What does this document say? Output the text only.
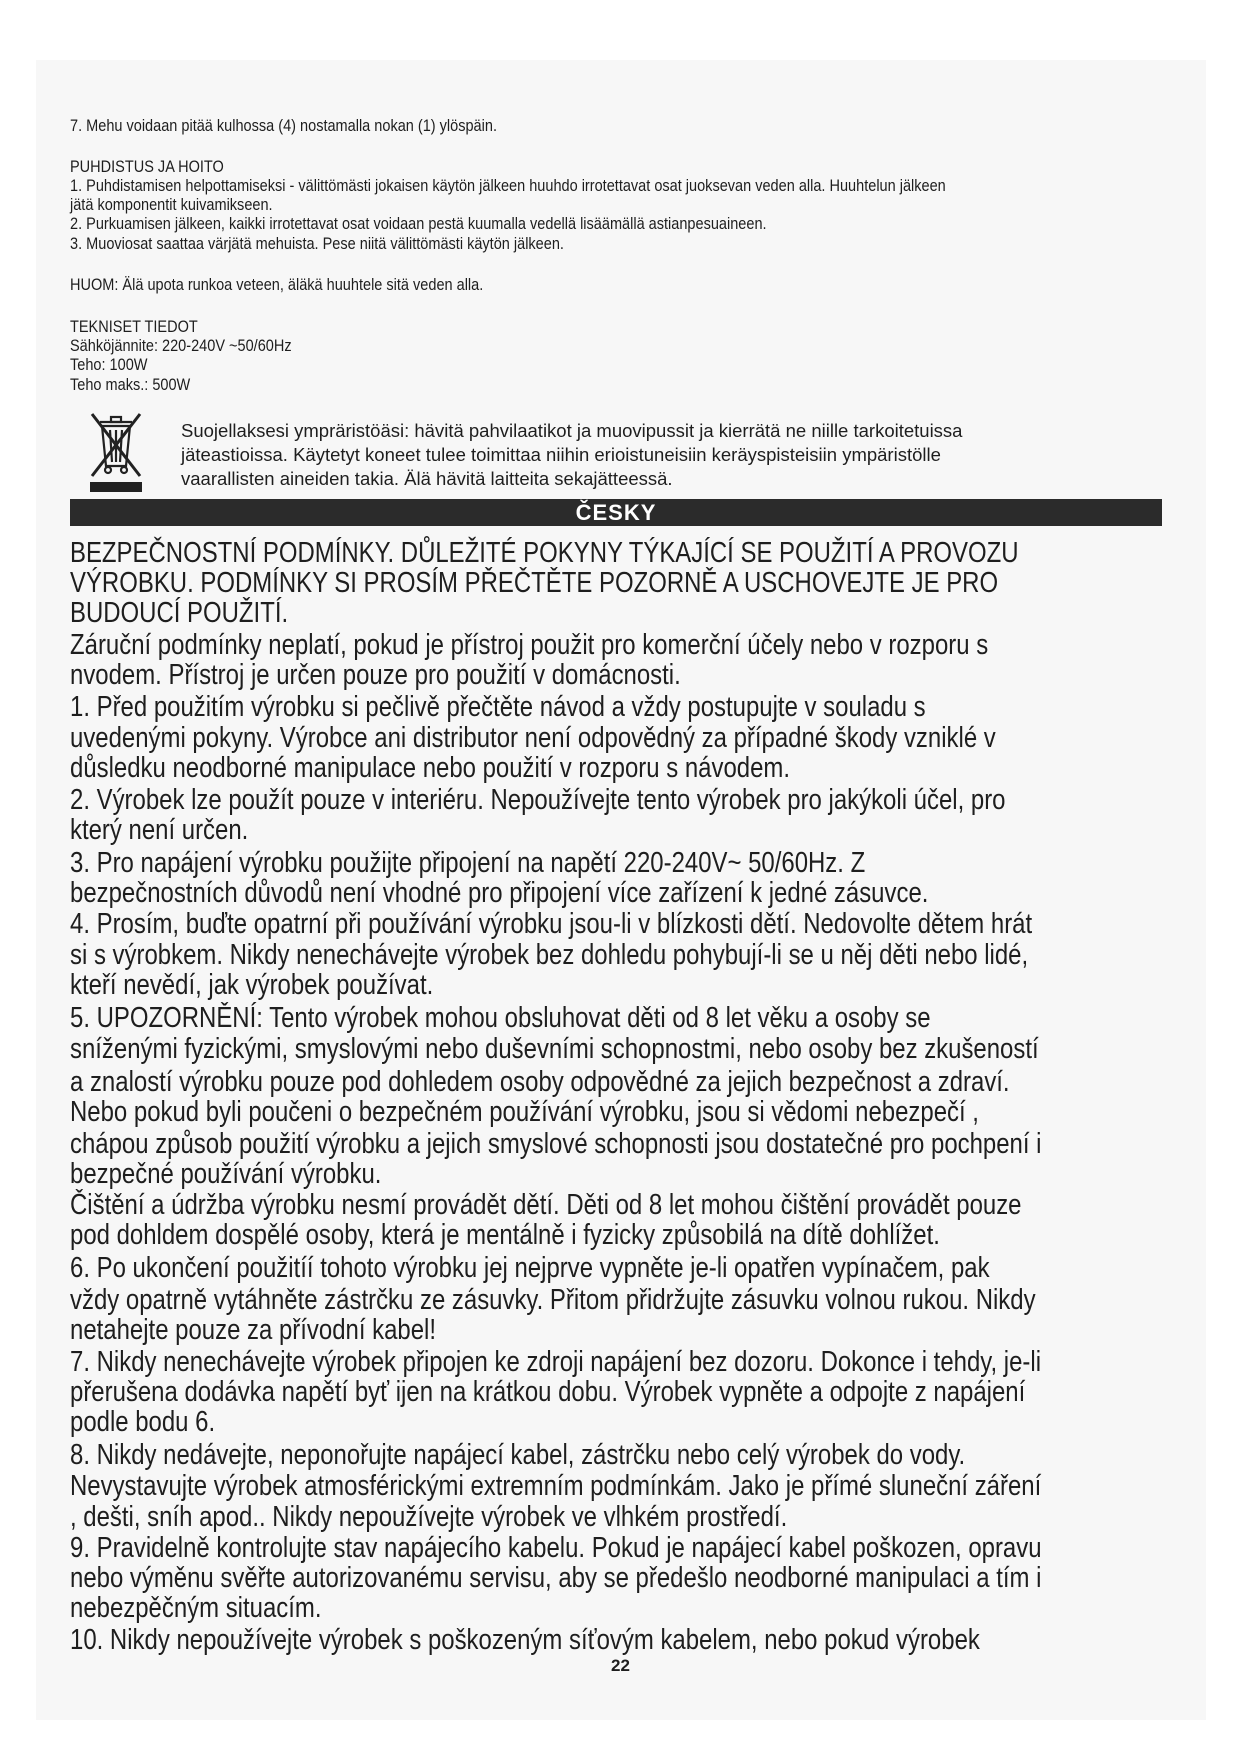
7. Mehu voidaan pitää kulhossa (4) nostamalla nokan (1) ylöspäin.
PUHDISTUS JA HOITO
1. Puhdistamisen helpottamiseksi - välittömästi jokaisen käytön jälkeen huuhdo irrotettavat osat juoksevan veden alla. Huuhtelun jälkeen
jätä komponentit kuivamikseen.
2. Purkuamisen jälkeen, kaikki irrotettavat osat voidaan pestä kuumalla vedellä lisäämällä astianpesuaineen.
3. Muoviosat saattaa värjätä mehuista. Pese niitä välittömästi käytön jälkeen.
HUOM: Älä upota runkoa veteen, äläkä huuhtele sitä veden alla.
TEKNISET TIEDOT
Sähköjännite: 220-240V ~50/60Hz
Teho: 100W
Teho maks.: 500W
Suojellaksesi ympräristöäsi: hävitä pahvilaatikot ja muovipussit ja kierrätä ne niille tarkoitetuissa
jäteastioissa. Käytetyt koneet tulee toimittaa niihin erioistuneisiin keräyspisteisiin ympäristölle
vaarallisten aineiden takia. Älä hävitä laitteita sekajätteessä.
ČESKY
BEZPEČNOSTNÍ PODMÍNKY. DŮLEŽITÉ POKYNY TÝKAJÍCÍ SE POUŽITÍ A PROVOZU
VÝROBKU. PODMÍNKY SI PROSÍM PŘEČTĚTE POZORNĚ A USCHOVEJTE JE PRO
BUDOUCÍ POUŽITÍ.
Záruční podmínky neplatí, pokud je přístroj použit pro komerční účely nebo v rozporu s
nvodem. Přístroj je určen pouze pro použití v domácnosti.
1. Před použitím výrobku si pečlivě přečtěte návod a vždy postupujte v souladu s
uvedenými pokyny. Výrobce ani distributor není odpovědný za případné škody vzniklé v
důsledku neodborné manipulace nebo použití v rozporu s návodem.
2. Výrobek lze použít pouze v interiéru. Nepoužívejte tento výrobek pro jakýkoli účel, pro
který není určen.
3. Pro napájení výrobku použijte připojení na napětí 220-240V~ 50/60Hz. Z
bezpečnostních důvodů není vhodné pro připojení více zařízení k jedné zásuvce.
4. Prosím, buďte opatrní při používání výrobku jsou-li v blízkosti dětí. Nedovolte dětem hrát
si s výrobkem. Nikdy nenechávejte výrobek bez dohledu pohybují-li se u něj děti nebo lidé,
kteří nevědí, jak výrobek používat.
5. UPOZORNĚNÍ: Tento výrobek mohou obsluhovat děti od 8 let věku a osoby se
sníženými fyzickými, smyslovými nebo duševními schopnostmi, nebo osoby bez zkušeností
a znalostí výrobku pouze pod dohledem osoby odpovědné za jejich bezpečnost a zdraví.
Nebo pokud byli poučeni o bezpečném používání výrobku, jsou si vědomi nebezpečí ,
chápou způsob použití výrobku a jejich smyslové schopnosti jsou dostatečné pro pochpení i
bezpečné používání výrobku.
Čištění a údržba výrobku nesmí provádět dětí. Děti od 8 let mohou čištění provádět pouze
pod dohldem dospělé osoby, která je mentálně i fyzicky způsobilá na dítě dohlížet.
6. Po ukončení použitíí tohoto výrobku jej nejprve vypněte je-li opatřen vypínačem, pak
vždy opatrně vytáhněte zástrčku ze zásuvky. Přitom přidržujte zásuvku volnou rukou. Nikdy
netahejte pouze za přívodní kabel!
7. Nikdy nenechávejte výrobek připojen ke zdroji napájení bez dozoru. Dokonce i tehdy, je-li
přerušena dodávka napětí byť ijen na krátkou dobu. Výrobek vypněte a odpojte z napájení
podle bodu 6.
8. Nikdy nedávejte, neponořujte napájecí kabel, zástrčku nebo celý výrobek do vody.
Nevystavujte výrobek atmosférickými extremním podmínkám. Jako je přímé sluneční záření
, dešti, sníh apod.. Nikdy nepoužívejte výrobek ve vlhkém prostředí.
9. Pravidelně kontrolujte stav napájecího kabelu. Pokud je napájecí kabel poškozen, opravu
nebo výměnu svěřte autorizovanému servisu, aby se předešlo neodborné manipulaci a tím i
nebezpěčným situacím.
10. Nikdy nepoužívejte výrobek s poškozeným síťovým kabelem, nebo pokud výrobek
22
